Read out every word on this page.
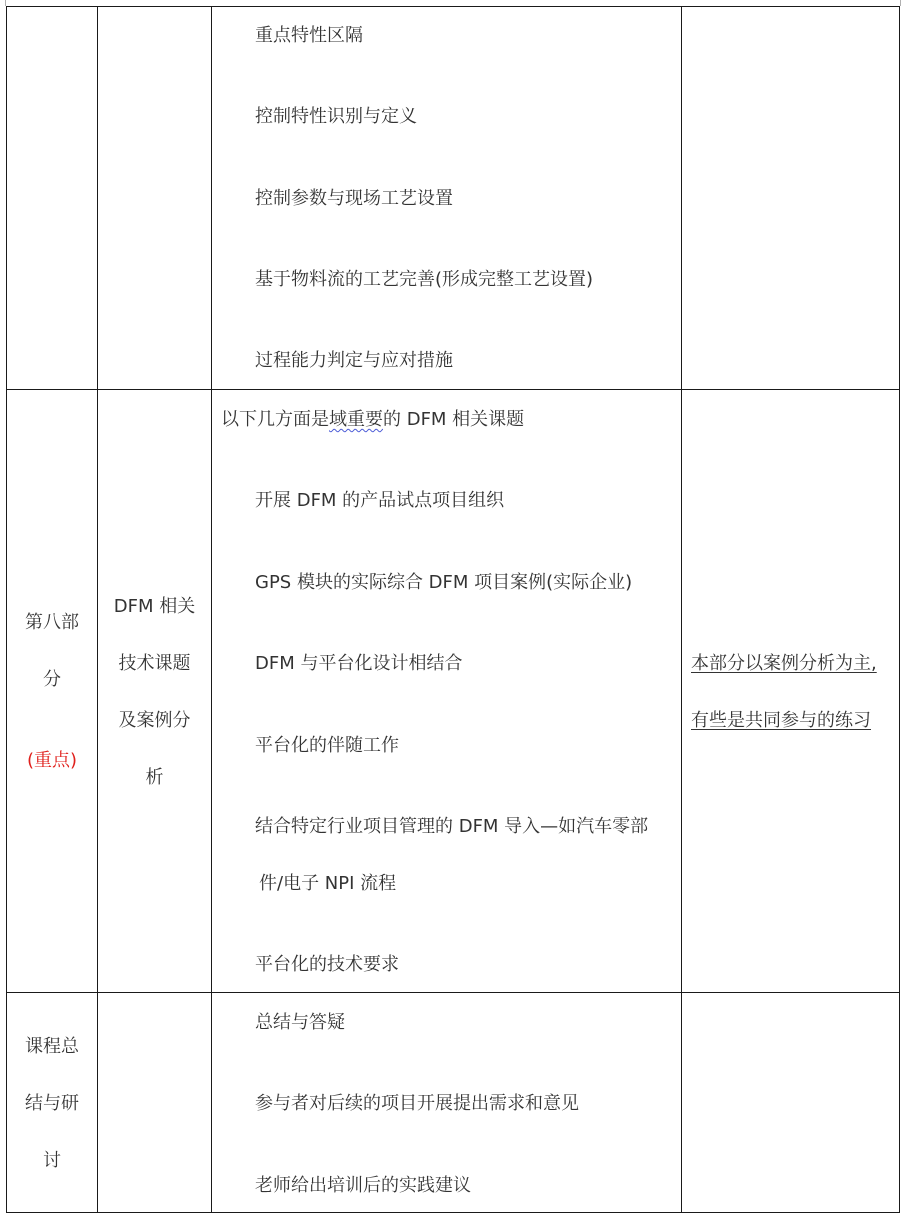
重点特性区隔
控制特性识别与定义
控制参数与现场工艺设置
基于物料流的工艺完善(形成完整工艺设置)
过程能力判定与应对措施
第八部
分
(重点)
DFM 相关
技术课题
及案例分
析
以下几方面是域重要的 DFM 相关课题
开展 DFM 的产品试点项目组织
GPS 模块的实际综合 DFM 项目案例(实际企业)
DFM 与平台化设计相结合
平台化的伴随工作
结合特定行业项目管理的 DFM 导入—如汽车零部
件/电子 NPI 流程
平台化的技术要求
本部分以案例分析为主,
有些是共同参与的练习
课程总
结与研
讨
总结与答疑
参与者对后续的项目开展提出需求和意见
老师给出培训后的实践建议
